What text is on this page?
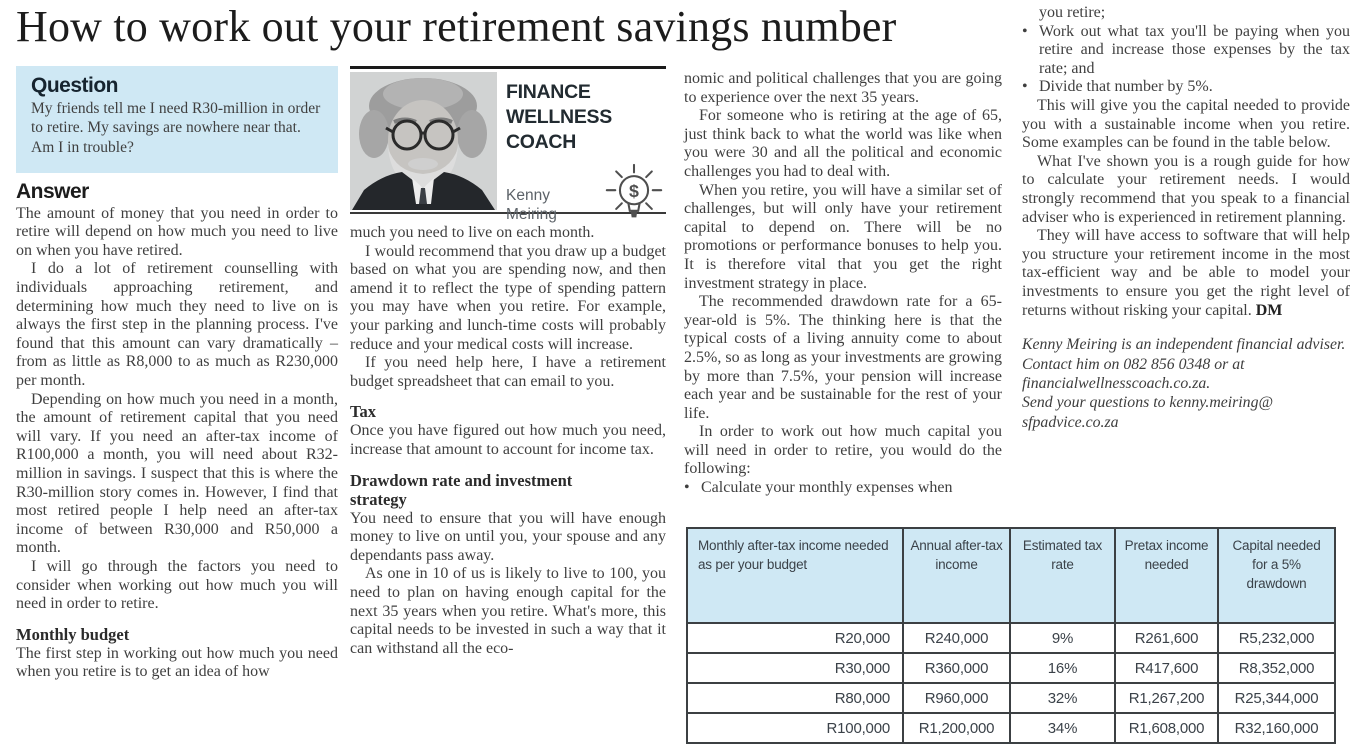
How to work out your retirement savings number
Question

My friends tell me I need R30-million in order to retire. My savings are nowhere near that. Am I in trouble?

Answer

The amount of money that you need in order to retire will depend on how much you need to live on when you have retired.

I do a lot of retirement counselling with individuals approaching retirement, and determining how much they need to live on is always the first step in the planning process. I've found that this amount can vary dramatically – from as little as R8,000 to as much as R230,000 per month.

Depending on how much you need in a month, the amount of retirement capital that you need will vary. If you need an after-tax income of R100,000 a month, you will need about R32-million in savings. I suspect that this is where the R30-million story comes in. However, I find that most retired people I help need an after-tax income of between R30,000 and R50,000 a month.

I will go through the factors you need to consider when working out how much you will need in order to retire.

Monthly budget

The first step in working out how much you need when you retire is to get an idea of how

FINANCE
WELLNESS
COACH
Kenny
Meiring
$

much you need to live on each month.

I would recommend that you draw up a budget based on what you are spending now, and then amend it to reflect the type of spending pattern you may have when you retire. For example, your parking and lunch-time costs will probably reduce and your medical costs will increase.

If you need help here, I have a retirement budget spreadsheet that can email to you.

Tax

Once you have figured out how much you need, increase that amount to account for income tax.

Drawdown rate and investment strategy

You need to ensure that you will have enough money to live on until you, your spouse and any dependants pass away.

As one in 10 of us is likely to live to 100, you need to plan on having enough capital for the next 35 years when you retire. What's more, this capital needs to be invested in such a way that it can withstand all the eco-

nomic and political challenges that you are going to experience over the next 35 years.

For someone who is retiring at the age of 65, just think back to what the world was like when you were 30 and all the political and economic challenges you had to deal with.

When you retire, you will have a similar set of challenges, but will only have your retirement capital to depend on. There will be no promotions or performance bonuses to help you. It is therefore vital that you get the right investment strategy in place.

The recommended drawdown rate for a 65-year-old is 5%. The thinking here is that the typical costs of a living annuity come to about 2.5%, so as long as your investments are growing by more than 7.5%, your pension will increase each year and be sustainable for the rest of your life.

In order to work out how much capital you will need in order to retire, you would do the following:

• Calculate your monthly expenses when

you retire;

• Work out what tax you'll be paying when you retire and increase those expenses by the tax rate; and
• Divide that number by 5%.

This will give you the capital needed to provide you with a sustainable income when you retire. Some examples can be found in the table below.

What I've shown you is a rough guide for how to calculate your retirement needs. I would strongly recommend that you speak to a financial adviser who is experienced in retirement planning.

They will have access to software that will help you structure your retirement income in the most tax-efficient way and be able to model your investments to ensure you get the right level of returns without risking your capital. DM

Kenny Meiring is an independent financial adviser. Contact him on 082 856 0348 or at financialwellnesscoach.co.za.
Send your questions to kenny.meiring@
sfpadvice.co.za
Monthly after-tax income needed as per your budget	Annual after-tax income	Estimated tax rate	Pretax income needed	Capital needed for a 5% drawdown
R20,000	R240,000	9%	R261,600	R5,232,000
R30,000	R360,000	16%	R417,600	R8,352,000
R80,000	R960,000	32%	R1,267,200	R25,344,000
R100,000	R1,200,000	34%	R1,608,000	R32,160,000
